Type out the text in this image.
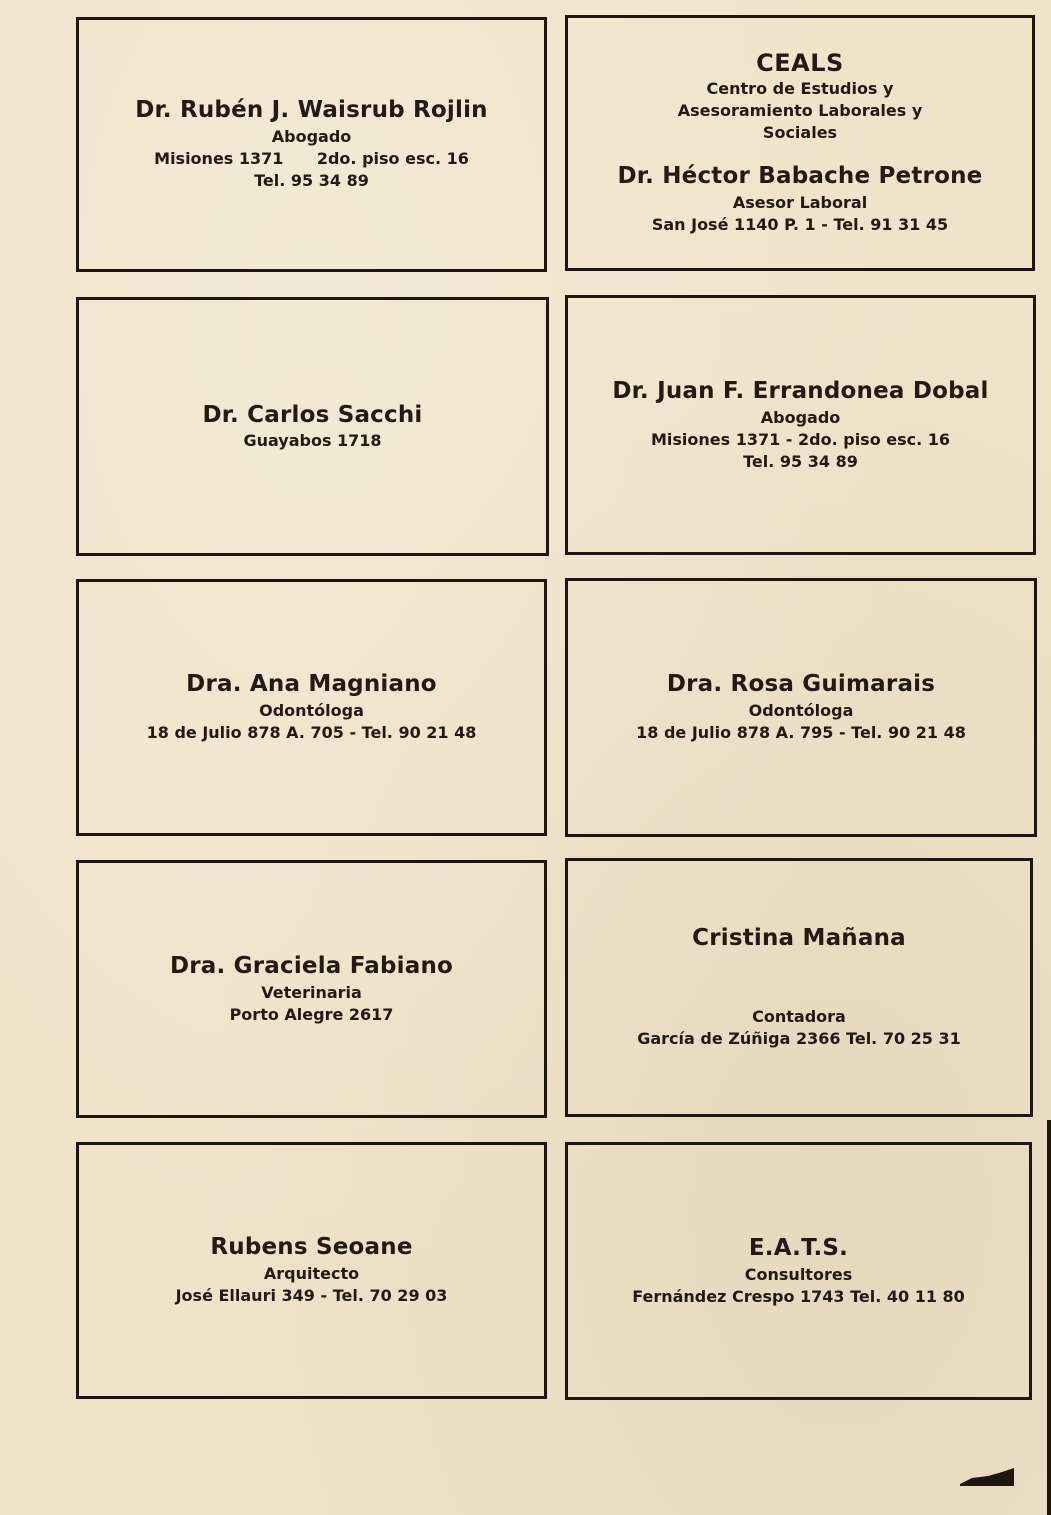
Dr. Rubén J. Waisrub Rojlin
Abogado
Misiones 1371      2do. piso esc. 16
Tel. 95 34 89
CEALS
Centro de Estudios y
Asesoramiento Laborales y
Sociales
Dr. Héctor Babache Petrone
Asesor Laboral
San José 1140 P. 1 - Tel. 91 31 45
Dr. Carlos Sacchi
Guayabos 1718
Dr. Juan F. Errandonea Dobal
Abogado
Misiones 1371 - 2do. piso esc. 16
Tel. 95 34 89
Dra. Ana Magniano
Odontóloga
18 de Julio 878 A. 705 - Tel. 90 21 48
Dra. Rosa Guimarais
Odontóloga
18 de Julio 878 A. 795 - Tel. 90 21 48
Dra. Graciela Fabiano
Veterinaria
Porto Alegre 2617
Cristina Mañana
Contadora
García de Zúñiga 2366 Tel. 70 25 31
Rubens Seoane
Arquitecto
José Ellauri 349 - Tel. 70 29 03
E.A.T.S.
Consultores
Fernández Crespo 1743 Tel. 40 11 80
